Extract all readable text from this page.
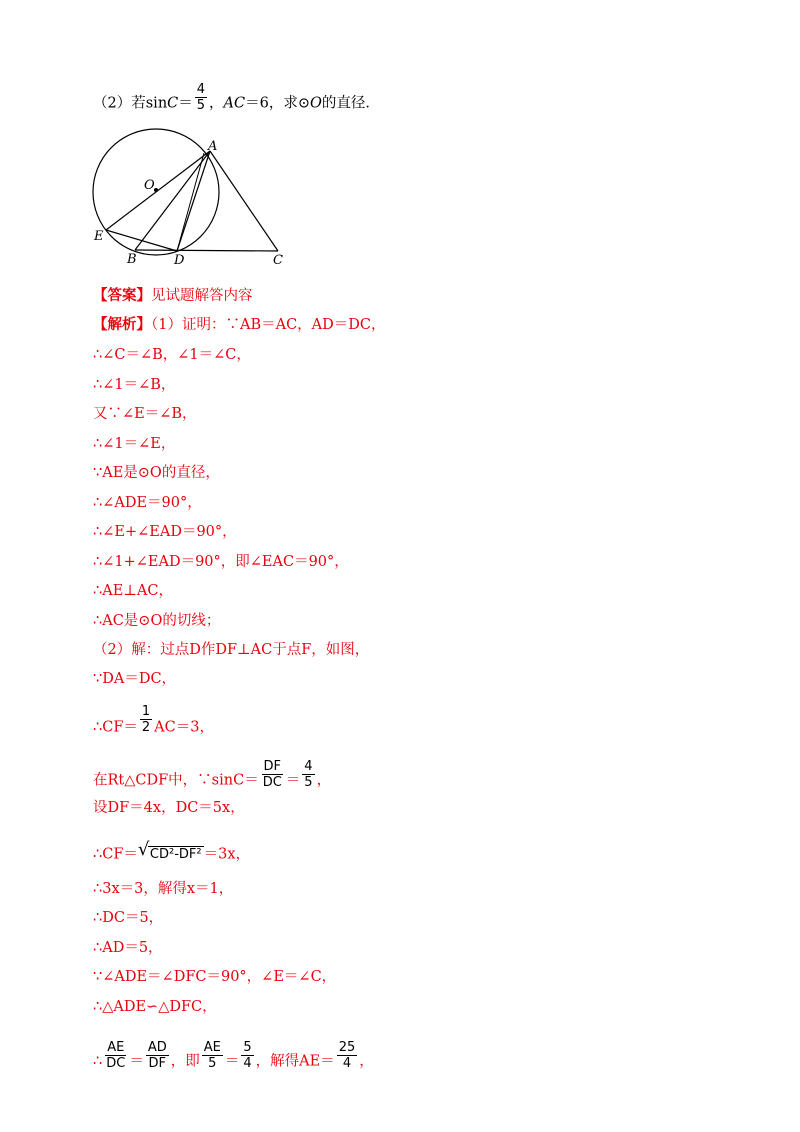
（2）若$\sin C= \frac{4}{5}$ ，AC＝6，求⊙O的直径．
A
O
E
B	D	C
【答案】见试题解答内容
【解析】（1）证明：∵AB＝AC，AD＝DC，
∴∠C＝∠B，∠1＝∠C，
∴∠1＝∠B，
又∵∠E＝∠B，
∴∠1＝∠E，
∵AE是⊙O的直径，
∴∠ADE＝90°，
∴∠E+∠EAD＝90°，
∴∠1+∠EAD＝90°，即∠EAC＝90°，
∴AE⊥AC，
∴AC是⊙O的切线；
（2）解：过点D作DF⊥AC于点F，如图，
∵DA＝DC，
∴CF＝ $\frac{1}{2} AC=3$，
在Rt△CDF中，∵sinC＝ $\frac{DF}{DC} = \frac{4}{5}$ ，
设DF＝4x，DC＝5x，
∴CF＝ √ CD²-DF² ＝3x，
∴3x＝3，解得x＝1，
∴DC＝5，
∴AD＝5，
∵∠ADE＝∠DFC＝90°，∠E＝∠C，
∴△ADE∽△DFC，
∴ $\frac{AE}{DC} = \frac{AD}{DF}$ ，即 $\frac{AE}{5} = \frac{5}{4}$ ，解得$AE= \frac{25}{4}$ ，
